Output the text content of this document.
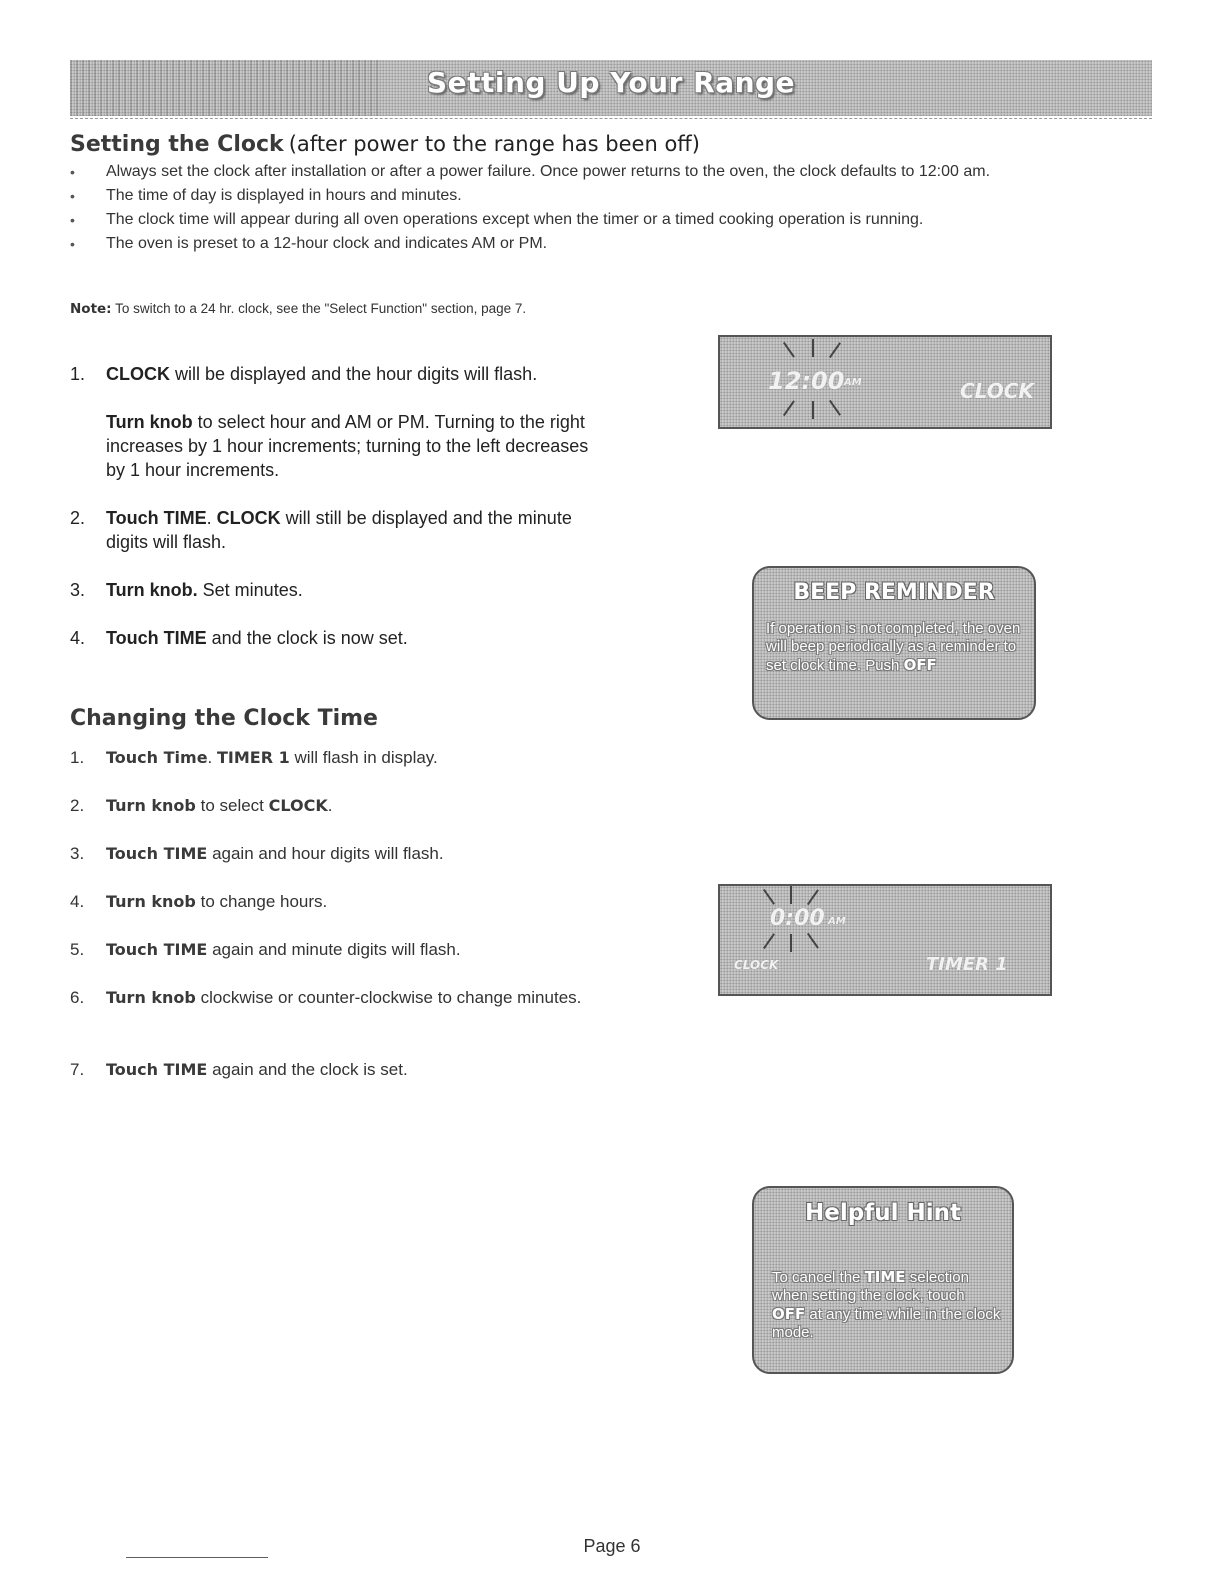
Setting Up Your Range
Setting the Clock (after power to the range has been off)
•	Always set the clock after installation or after a power failure. Once power returns to the oven, the clock defaults to 12:00 am.
•	The time of day is displayed in hours and minutes.
•	The clock time will appear during all oven operations except when the timer or a timed cooking operation is running.
•	The oven is preset to a 12-hour clock and indicates AM or PM.
Note: To switch to a 24 hr. clock, see the "Select Function" section, page 7.
1.	CLOCK will be displayed and the hour digits will flash.
Turn knob to select hour and AM or PM. Turning to the right increases by 1 hour increments; turning to the left decreases by 1 hour increments.
2.	Touch TIME. CLOCK will still be displayed and the minute digits will flash.
3.	Turn knob. Set minutes.
4.	Touch TIME and the clock is now set.
Changing the Clock Time
1.	Touch Time. TIMER 1 will flash in display.
2.	Turn knob to select CLOCK.
3.	Touch TIME again and hour digits will flash.
4.	Turn knob to change hours.
5.	Touch TIME again and minute digits will flash.
6.	Turn knob clockwise or counter-clockwise to change minutes.
7.	Touch TIME again and the clock is set.
12:00 AM	CLOCK
BEEP REMINDER
If operation is not completed, the oven will beep periodically as a reminder to set clock time. Push OFF
0:00 AM
CLOCK	TIMER 1
Helpful Hint
To cancel the TIME selection when setting the clock, touch OFF at any time while in the clock mode.
Page 6
